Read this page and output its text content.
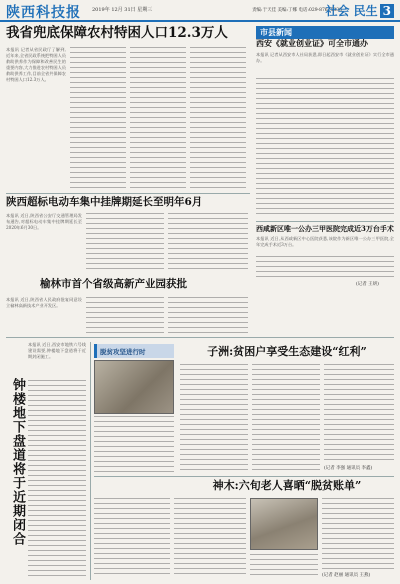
陕西科技报 2019年 12月 31日 星期三	责编:于天佳 美编:丁娜 电话:029-87615838
社会 民生 3
我省兜底保障农村特困人口12.3万人
本报讯 记者从省民政厅了解到,近年来,全省民政系统把特困人员救助供养作为保障和改善民生的重要内容,大力推进农村特困人员救助供养工作,目前全省共保障农村特困人口12.3万人。
市县新闻
西安《就业创业证》可全市通办
本报讯 记者从西安市人社局获悉,即日起西安市《就业创业证》实行全市通办。
西咸新区唯一公办三甲医院完成近3万台手术
本报讯 近日,从西咸新区中心医院获悉,该院作为新区唯一公办三甲医院,全年完成手术近3万台。
(记者 王妍)
陕西超标电动车集中挂牌期延长至明年6月
本报讯 近日,陕西省公安厅交通管理局发布通告,对超标电动车集中挂牌期延长至2020年6月30日。
榆林市首个省级高新产业园获批
本报讯 近日,陕西省人民政府批复同意设立榆林高新技术产业开发区。
钟楼地下盘道将于近期闭合
本报讯 近日,西安市地铁六号线建设需要,钟楼地下盘道将于近期封闭施工。
脱贫攻坚进行时	子洲:贫困户享受生态建设“红利”
(记者 李强 通讯员 李鑫)
神木:六旬老人喜晒“脱贫账单”
(记者 赵丽 通讯员 王燕)
